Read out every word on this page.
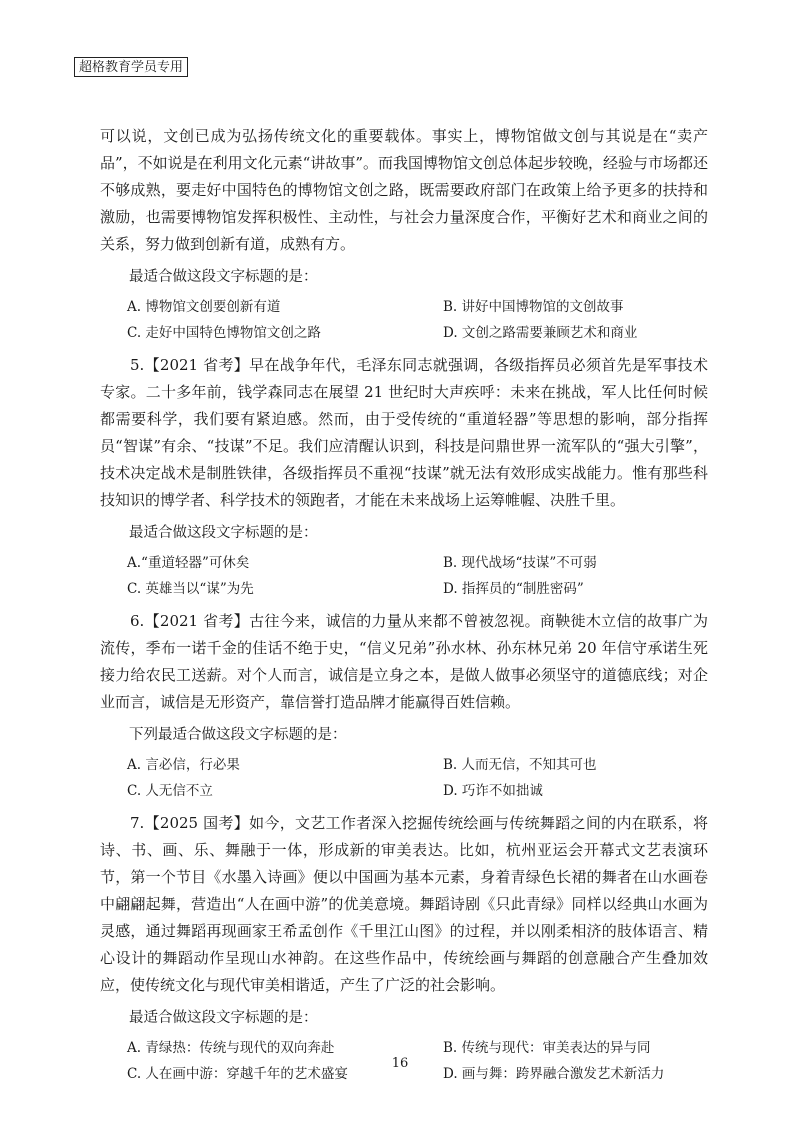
超格教育学员专用

可以说，文创已成为弘扬传统文化的重要载体。事实上，博物馆做文创与其说是在“卖产品”，不如说是在利用文化元素“讲故事”。而我国博物馆文创总体起步较晚，经验与市场都还不够成熟，要走好中国特色的博物馆文创之路，既需要政府部门在政策上给予更多的扶持和激励，也需要博物馆发挥积极性、主动性，与社会力量深度合作，平衡好艺术和商业之间的关系，努力做到创新有道，成熟有方。

最适合做这段文字标题的是：
A. 博物馆文创要创新有道	B. 讲好中国博物馆的文创故事
C. 走好中国特色博物馆文创之路	D. 文创之路需要兼顾艺术和商业

5.【2021 省考】早在战争年代，毛泽东同志就强调，各级指挥员必须首先是军事技术专家。二十多年前，钱学森同志在展望 21 世纪时大声疾呼：未来在挑战，军人比任何时候都需要科学，我们要有紧迫感。然而，由于受传统的“重道轻器”等思想的影响，部分指挥员“智谋”有余、“技谋”不足。我们应清醒认识到，科技是问鼎世界一流军队的“强大引擎”，技术决定战术是制胜铁律，各级指挥员不重视“技谋”就无法有效形成实战能力。惟有那些科技知识的博学者、科学技术的领跑者，才能在未来战场上运筹帷幄、决胜千里。

最适合做这段文字标题的是：
A.“重道轻器”可休矣	B. 现代战场“技谋”不可弱
C. 英雄当以“谋”为先	D. 指挥员的“制胜密码”

6.【2021 省考】古往今来，诚信的力量从来都不曾被忽视。商鞅徙木立信的故事广为流传，季布一诺千金的佳话不绝于史，“信义兄弟”孙水林、孙东林兄弟 20 年信守承诺生死接力给农民工送薪。对个人而言，诚信是立身之本，是做人做事必须坚守的道德底线；对企业而言，诚信是无形资产，靠信誉打造品牌才能赢得百姓信赖。

下列最适合做这段文字标题的是：
A. 言必信，行必果	B. 人而无信，不知其可也
C. 人无信不立	D. 巧诈不如拙诚

7.【2025 国考】如今，文艺工作者深入挖掘传统绘画与传统舞蹈之间的内在联系，将诗、书、画、乐、舞融于一体，形成新的审美表达。比如，杭州亚运会开幕式文艺表演环节，第一个节目《水墨入诗画》便以中国画为基本元素，身着青绿色长裙的舞者在山水画卷中翩翩起舞，营造出“人在画中游”的优美意境。舞蹈诗剧《只此青绿》同样以经典山水画为灵感，通过舞蹈再现画家王希孟创作《千里江山图》的过程，并以刚柔相济的肢体语言、精心设计的舞蹈动作呈现山水神韵。在这些作品中，传统绘画与舞蹈的创意融合产生叠加效应，使传统文化与现代审美相谐适，产生了广泛的社会影响。

最适合做这段文字标题的是：
A. 青绿热：传统与现代的双向奔赴	B. 传统与现代：审美表达的异与同
C. 人在画中游：穿越千年的艺术盛宴	D. 画与舞：跨界融合激发艺术新活力
16
